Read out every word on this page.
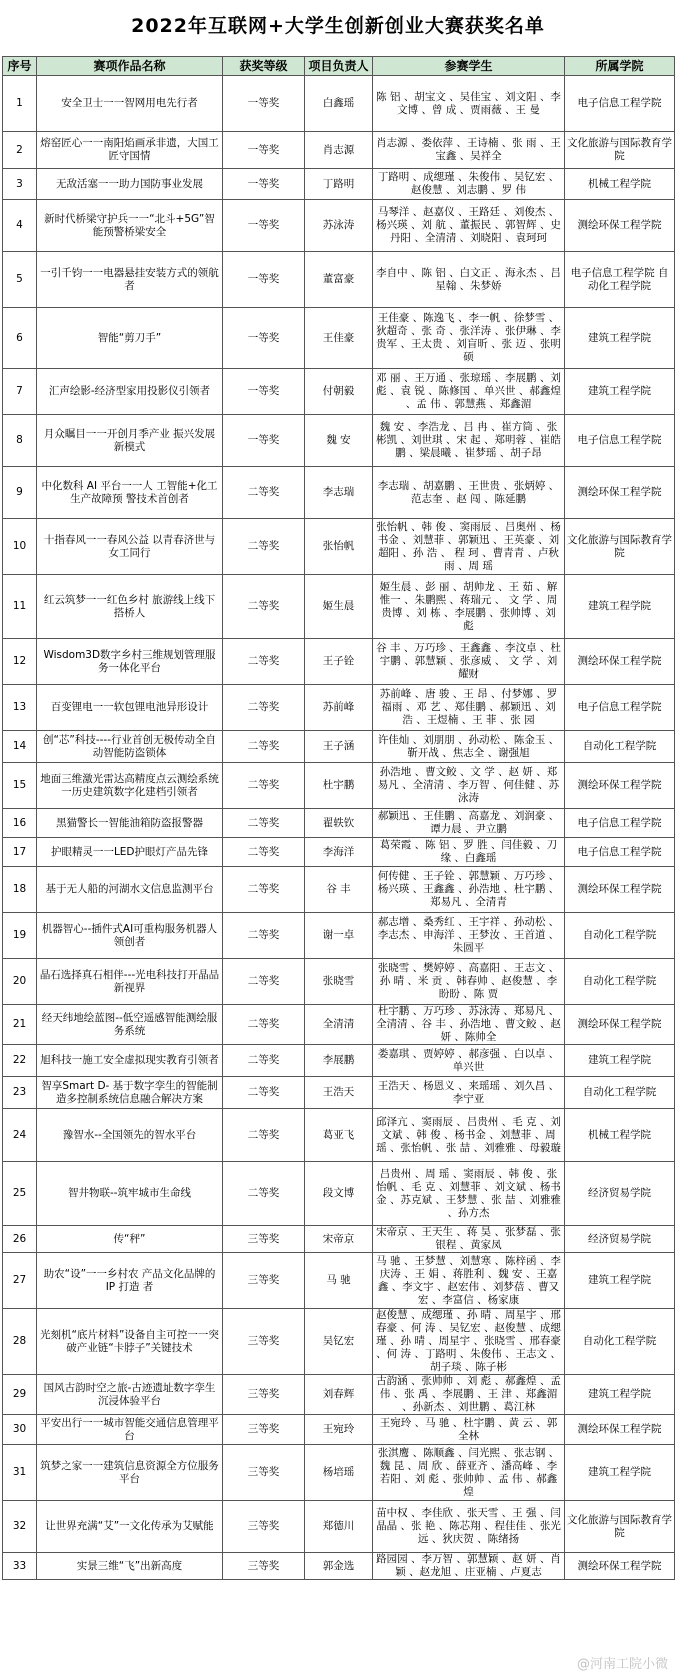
2022年互联网+大学生创新创业大赛获奖名单
序号	赛项作品名称	获奖等级	项目负责人	参赛学生	所属学院
1	安全卫士一一智网用电先行者	一等奖	白鑫瑶	陈 铝 、胡宝文 、吴佳宝 、刘文阳 、李文博 、曾 成 、贾雨薇 、王 曼	电子信息工程学院
2	熔窑匠心一一南阳焰画承非遗，大国工匠守国情	一等奖	肖志源	肖志源 、娄依萍 、王诗楠 、张 雨 、王宝鑫 、吴祥全	文化旅游与国际教育学院
3	无敌活塞一一助力国防事业发展	一等奖	丁路明	丁路明 、成缌瑾 、朱俊伟 、吴钇宏 、赵俊慧 、刘志鹏 、罗 伟	机械工程学院
4	新时代桥梁守护兵一一“北斗+5G”智能预警桥梁安全	一等奖	苏泳涛	马琴洋 、赵嘉仪 、王路廷 、刘俊杰 、杨兴瑛 、刘 航 、董振民 、郭智辉 、史丹阳 、全清清 、刘晓阳 、袁珂珂	测绘环保工程学院
5	一引千钧一一电器悬挂安装方式的领航者	一等奖	董富豪	李自中 、陈 铝 、白文正 、海永杰 、吕星翰 、朱梦娇	电子信息工程学院 自动化工程学院
6	智能“剪刀手”	一等奖	王佳豪	王佳豪 、陈逸飞 、李一帆 、徐梦雪 、狄超奇 、张 奇 、张洋涛 、张伊琳 、李贵军 、王太贵 、刘盲昕 、张 迈 、张明硕	建筑工程学院
7	汇声绘影-经济型家用投影仪引领者	一等奖	付朝毅	邓 丽 、王万通 、张琼瑶 、李展鹏 、刘 彪 、袁 锐 、陈修国 、单兴世 、郝鑫煌 、孟 伟 、郭慧燕 、郑鑫湄	建筑工程学院
8	月众瞩目一一开创月季产业 振兴发展新模式	一等奖	魏 安	魏 安 、李浩龙 、吕 冉 、崔方筒 、张彬凯 、刘世琪 、宋 起 、郑明蓉 、崔皓鹏 、梁晨曦 、崔梦瑶 、胡子昂	电子信息工程学院
9	中化数科 AI 平台一一人 工智能+化工生产故障预 警技术首创者	二等奖	李志瑞	李志瑞 、胡嘉鹏 、王世贵 、张炳婷 、范志奎 、赵 闯 、陈延鹏	测绘环保工程学院
10	十指春风一一春风公益 以青春济世与女工同行	二等奖	张怡帆	张怡帆 、韩 俊 、窦雨辰 、吕奥州 、杨书金 、刘慧菲 、郭颖迅 、王英豪 、刘超阳 、孙 浩 、 程 珂 、曹青青 、卢秋雨 、周 瑶	文化旅游与国际教育学院
11	红云筑梦一一红色乡村 旅游线上线下搭桥人	二等奖	姬生晨	姬生晨 、彭 丽 、胡帅龙 、王 茹 、解惟一 、朱鹏熙 、蒋瑞元 、 文 学 、周贵博 、刘 栋 、李展鹏 、张帅博 、刘 彪	建筑工程学院
12	Wisdom3D数字乡村三维规划管理服务一体化平台	二等奖	王子铨	谷 丰 、万巧珍 、王鑫鑫 、李汶卓 、杜宇鹏 、郭慧颖 、张彦威 、 文 学 、刘耀财	测绘环保工程学院
13	百变锂电一一软包锂电池异形设计	二等奖	苏前峰	苏前峰 、唐 骏 、王 昂 、付梦娜 、罗福雨 、邓 艺 、郑佳鹏 、郝颖迅 、刘 浩 、王煜楠 、王 菲 、张 园	电子信息工程学院
14	创“芯”科技----行业首创无极传动全自动智能防盗锁体	二等奖	王子涵	许佳灿 、刘朋朋 、孙动松 、陈金玉 、靳开战 、焦志全 、谢强旭	自动化工程学院
15	地面三维激光雷达高精度点云测绘系统一历史建筑数字化建档引领者	二等奖	杜宇鹏	孙浩地 、曹文鲛 、文 学 、赵 妍 、郑易凡 、全清清 、李万智 、何佳健 、苏泳涛	测绘环保工程学院
16	黑猫警长一智能油箱防盗报警器	二等奖	翟轶钦	郝颖迅 、王佳鹏 、高嘉龙 、刘润豪 、谭力晨 、尹立鹏	电子信息工程学院
17	护眼精灵一一LED护眼灯产品先锋	二等奖	李海洋	葛荣霞 、陈 铝 、罗 胜 、闫佳毅 、刀 缘 、白鑫瑶	电子信息工程学院
18	基于无人船的河湖水文信息监测平台	二等奖	谷 丰	何传健 、王子铨 、郭慧颖 、万巧珍 、杨兴瑛 、王鑫鑫 、孙浩地 、杜宇鹏 、郑易凡 、全清青	测绘环保工程学院
19	机器智心--插件式AI可重构服务机器人领创者	二等奖	谢一卓	郝志增 、桑秀红 、王宇祥 、孙动松 、李志杰 、申海洋 、王梦汝 、王首道 、朱圆平	自动化工程学院
20	晶石选择真石相伴---光电科技打开晶品新视界	二等奖	张晓雪	张晓雪 、樊婷婷 、高嘉阳 、王志文 、孙 晴 、米 贡 、韩春帅 、赵俊慧 、李盼盼 、陈 贾	自动化工程学院
21	经天纬地绘蓝图--低空遥感智能测绘服务系统	二等奖	全清清	杜宇鹏 、万巧珍 、苏泳涛 、郑易凡 、全清清 、谷 丰 、孙浩地 、曹文鲛 、赵 妍 、陈帅全	测绘环保工程学院
22	旭科技一施工安全虚拟现实教育引领者	二等奖	李展鹏	娄嘉琪 、贾婷婷 、郝彦强 、白以卓 、单兴世	建筑工程学院
23	智享Smart D- 基于数字孪生的智能制造多控制系统信息融合解决方案	二等奖	王浩天	王浩天 、杨恩义 、来瑶瑶 、刘久昌 、李宁亚	自动化工程学院
24	豫智水--全国领先的智水平台	二等奖	葛亚飞	邱泽亢 、窦雨辰 、吕贵州 、毛 克 、刘文斌 、韩 俊 、杨书金 、刘慧菲 、周 瑶 、张怡帆 、张 喆 、刘雅雅 、母毅璇	机械工程学院
25	智井物联--筑牢城市生命线	二等奖	段文博	吕贵州 、周 瑶 、窦雨辰 、韩 俊 、张怡帆 、毛 克 、刘慧菲 、刘文斌 、杨书金 、苏克斌 、王梦慧 、张 喆 、刘雅雅 、孙方杰	经济贸易学院
26	传“秤”	三等奖	宋帝京	宋帝京 、王天生 、蒋 昊 、张梦磊 、张银程 、黄家凤	经济贸易学院
27	助农“设”一一乡村农 产品文化品牌的 IP 打造 者	三等奖	马 驰	马 驰 、王梦慧 、刘慧寒 、陈梓函 、李庆涛 、王 娟 、蒋胜利 、魏 安 、王嘉鑫 、李文宇 、赵宏伟 、刘梦蓓 、曹又宏 、李富信 、杨家康	建筑工程学院
28	光刻机“底片材料”设备自主可控一一突破产业链“卡脖子”关键技术	三等奖	吴钇宏	赵俊慧 、成缌瑾 、孙 晴 、周星宇 、邢春豪 、何 涛 、吴钇宏 、赵俊慧 、成缌瑾 、孙 晴 、周星宇 、张晓雪 、邢春豪 、何 涛 、丁路明 、朱俊伟 、王志文 、胡子琰 、陈子彬	自动化工程学院
29	国风古韵时空之旅-古迹遗址数字孪生沉浸体验平台	三等奖	刘春辉	古韵涵 、张帅帅 、刘 彪 、郝鑫煌 、孟 伟 、张 禹 、李展鹏 、王 津 、郑鑫湄 、孙新杰 、刘世鹏 、葛江林	建筑工程学院
30	平安出行一一城市智能交通信息管理平台	三等奖	王宛玲	王宛玲 、马 驰 、杜宇鹏 、黄 云 、郭全林	测绘环保工程学院
31	筑梦之家一一建筑信息资源全方位服务平台	三等奖	杨培瑶	张淇鹰 、陈顺鑫 、闫光熙 、张志钢 、魏 昆 、周 欣 、薛亚齐 、潘高峰 、李若阳 、刘 彪 、张帅帅 、孟 伟 、郝鑫煌	建筑工程学院
32	让世界充满“艾”一文化传承为艾赋能	三等奖	郑德川	苗中权 、李佳欣 、张天雪 、王 强 、闫晶晶 、张 艳 、陈芯翔 、程佳佳 、张光远 、狄庆贺 、陈绪扬	文化旅游与国际教育学院
33	实景三维“飞”出新高度	三等奖	郭金选	路园园 、李万智 、郭慧颖 、赵 妍 、肖 颖 、赵龙旭 、庄亚楠 、卢夏志	测绘环保工程学院
@河南工院小微
